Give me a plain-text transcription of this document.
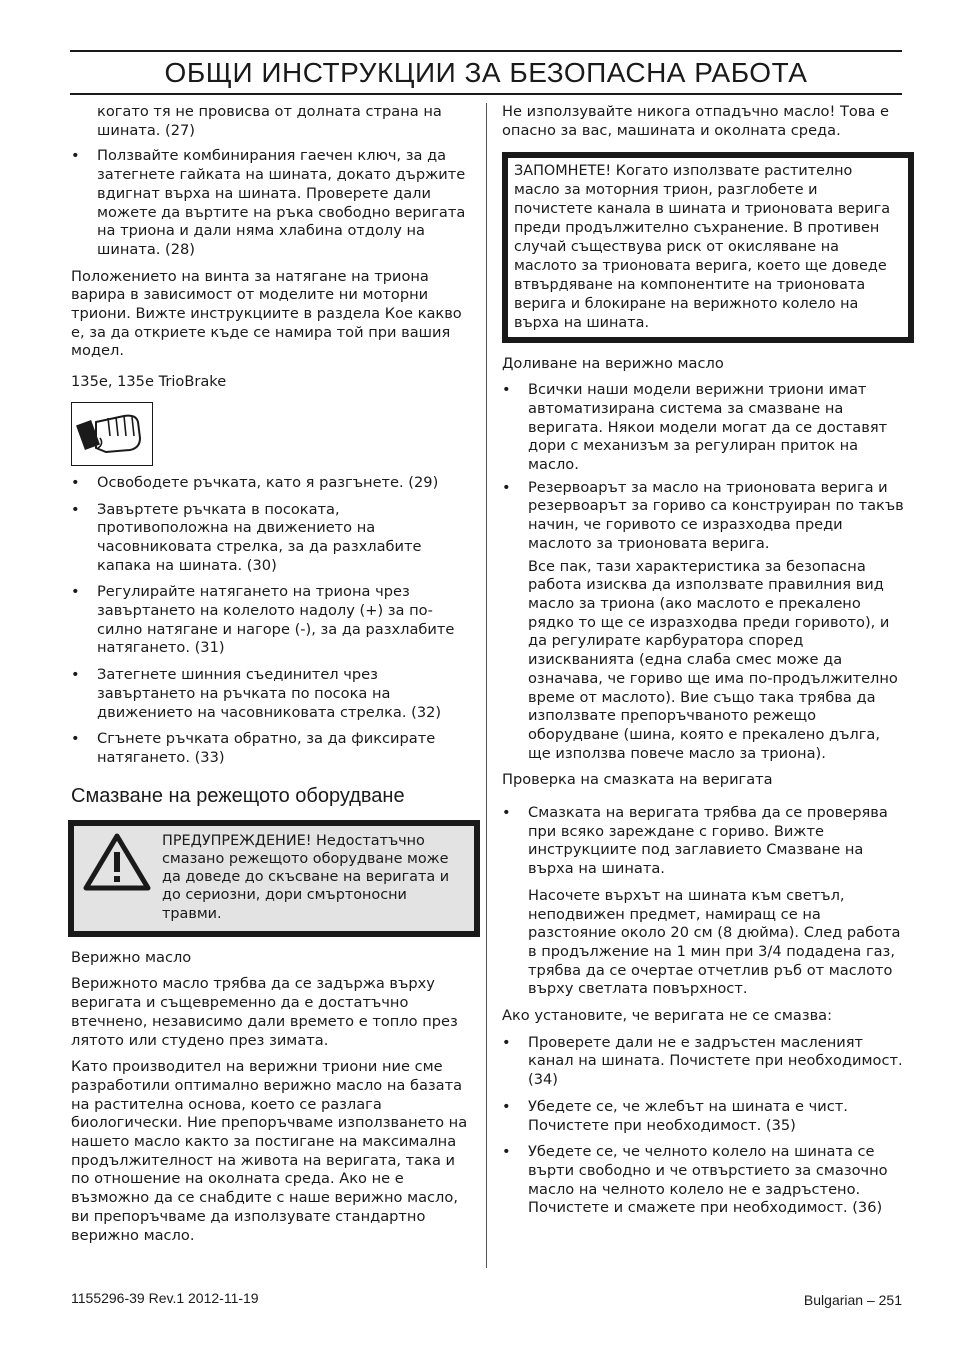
ОБЩИ ИНСТРУКЦИИ ЗА БЕЗОПАСНА РАБОТА

когато тя не провисва от долната страна на шината. (27)

• Ползвайте комбинирания гаечен ключ, за да затегнете гайката на шината, докато държите вдигнат върха на шината. Проверете дали можете да въртите на ръка свободно веригата на триона и дали няма хлабина отдолу на шината. (28)

Положението на винта за натягане на триона варира в зависимост от моделите ни моторни триони. Вижте инструкциите в раздела Кое какво е, за да откриете къде се намира той при вашия модел.

135e, 135e TrioBrake

• Освободете ръчката, като я разгънете. (29)
• Завъртете ръчката в посоката, противоположна на движението на часовниковата стрелка, за да разхлабите капака на шината. (30)
• Регулирайте натягането на триона чрез завъртането на колелото надолу (+) за по-силно натягане и нагоре (-), за да разхлабите натягането. (31)
• Затегнете шинния съединител чрез завъртането на ръчката по посока на движението на часовниковата стрелка. (32)
• Сгънете ръчката обратно, за да фиксирате натягането. (33)
Смазване на режещото оборудване
ПРЕДУПРЕЖДЕНИЕ! Недостатъчно смазано режещото оборудване може да доведе до скъсване на веригата и до сериозни, дори смъртоносни травми.

Верижно масло

Верижното масло трябва да се задържа върху веригата и същевременно да е достатъчно втечнено, независимо дали времето е топло през лятото или студено през зимата.

Като производител на верижни триони ние сме разработили оптимално верижно масло на базата на растителна основа, което се разлага биологически. Ние препоръчваме използването на нашето масло както за постигане на максимална продължителност на живота на веригата, така и по отношение на околната среда. Ако не е възможно да се снабдите с наше верижно масло, ви препоръчваме да използувате стандартно верижно масло.

Не използувайте никога отпадъчно масло! Това е опасно за вас, машината и околната среда.

ЗАПОМНЕТЕ! Когато използвате растително масло за моторния трион, разглобете и почистете канала в шината и трионовата верига преди продължително съхранение. В противен случай съществува риск от окисляване на маслото за трионовата верига, което ще доведе втвърдяване на компонентите на трионовата верига и блокиране на верижното колело на върха на шината.

Доливане на верижно масло

• Всички наши модели верижни триони имат автоматизирана система за смазване на веригата. Някои модели могат да се доставят дори с механизъм за регулиран приток на масло.
• Резервоарът за масло на трионовата верига и резервоарът за гориво са конструиран по такъв начин, че горивото се изразходва преди маслото за трионовата верига.

Все пак, тази характеристика за безопасна работа изисква да използвате правилния вид масло за триона (ако маслото е прекалено рядко то ще се изразходва преди горивото), и да регулирате карбуратора според изискванията (една слаба смес може да означава, че гориво ще има по-продължително време от маслото). Вие също така трябва да използвате препоръчваното режещо оборудване (шина, която е прекалено дълга, ще използва повече масло за триона).

Проверка на смазката на веригата

• Смазката на веригата трябва да се проверява при всяко зареждане с гориво. Вижте инструкциите под заглавието Смазване на върха на шината.

Насочете върхът на шината към светъл, неподвижен предмет, намиращ се на разстояние около 20 см (8 дюйма). След работа в продължение на 1 мин при 3/4 подадена газ, трябва да се очертае отчетлив ръб от маслото върху светлата повърхност.

Ако установите, че веригата не се смазва:

• Проверете дали не е задръстен масленият канал на шината. Почистете при необходимост. (34)
• Убедете се, че жлебът на шината е чист. Почистете при необходимост. (35)
• Убедете се, че челното колело на шината се върти свободно и че отвърстието за смазочно масло на челното колело не е задръстено. Почистете и смажете при необходимост. (36)
1155296-39 Rev.1 2012-11-19	Bulgarian – 251
